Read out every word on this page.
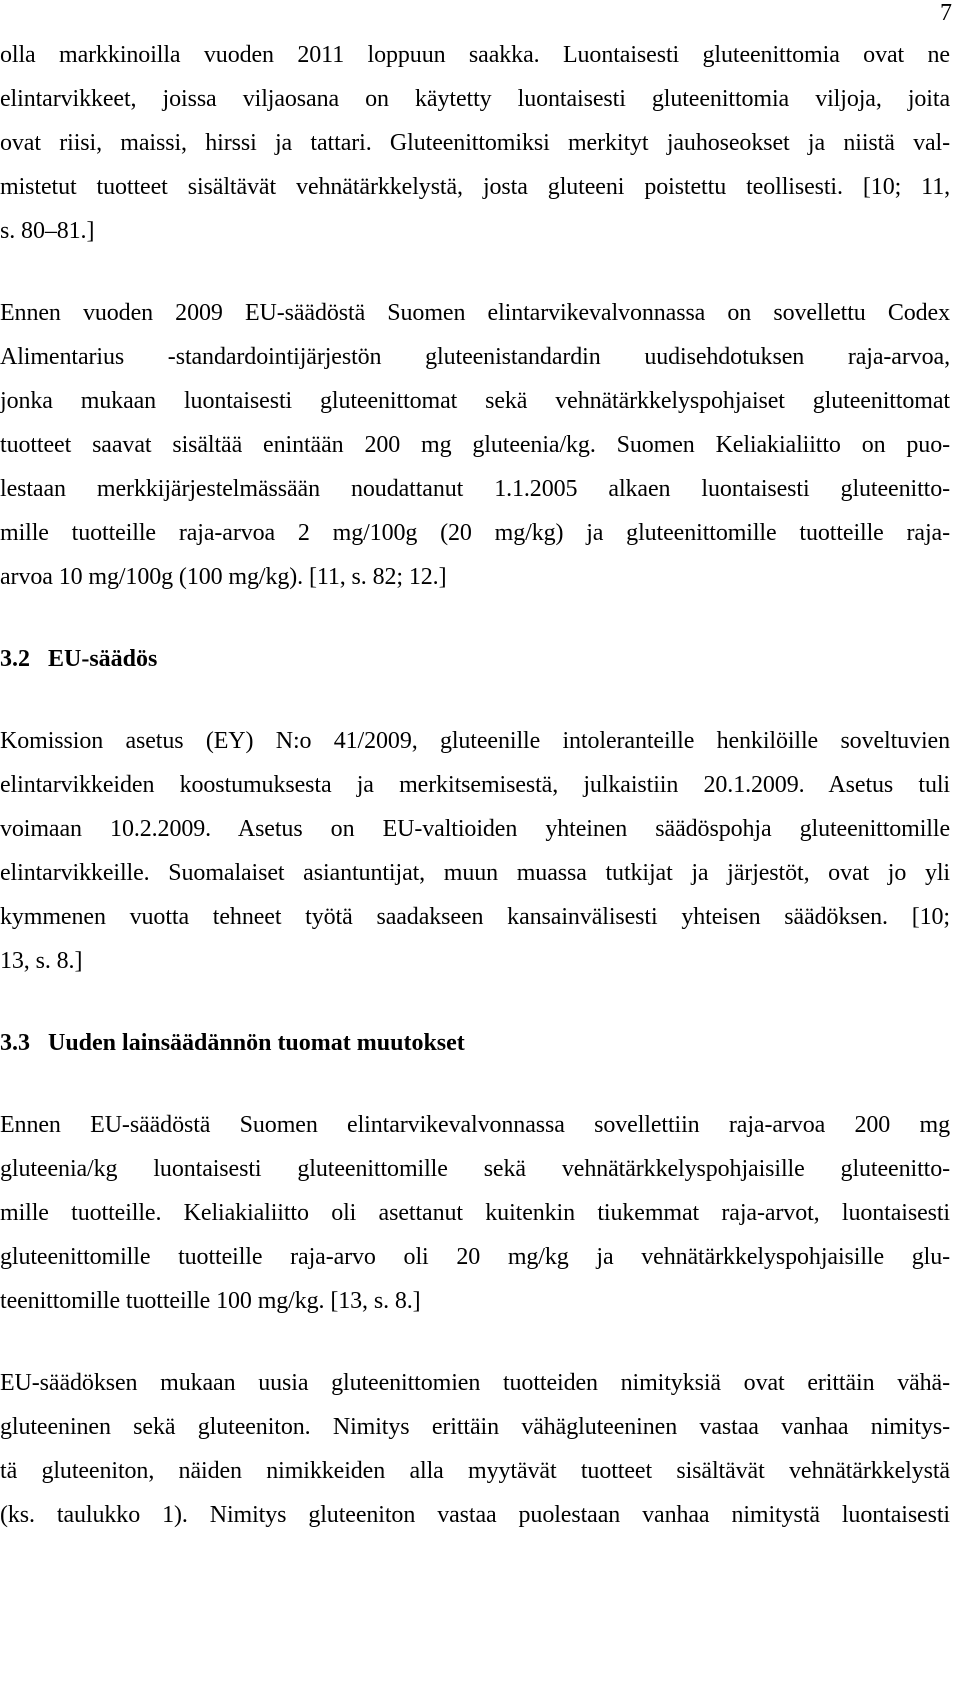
7
olla markkinoilla vuoden 2011 loppuun saakka. Luontaisesti gluteenittomia ovat ne
elintarvikkeet, joissa viljaosana on käytetty luontaisesti gluteenittomia viljoja, joita
ovat riisi, maissi, hirssi ja tattari. Gluteenittomiksi merkityt jauhoseokset ja niistä val-
mistetut tuotteet sisältävät vehnätärkkelystä, josta gluteeni poistettu teollisesti. [10; 11,
s. 80–81.]
Ennen vuoden 2009 EU-säädöstä Suomen elintarvikevalvonnassa on sovellettu Codex
Alimentarius -standardointijärjestön gluteenistandardin uudisehdotuksen raja-arvoa,
jonka mukaan luontaisesti gluteenittomat sekä vehnätärkkelyspohjaiset gluteenittomat
tuotteet saavat sisältää enintään 200 mg gluteenia/kg. Suomen Keliakialiitto on puo-
lestaan merkkijärjestelmässään noudattanut 1.1.2005 alkaen luontaisesti gluteenitto-
mille tuotteille raja-arvoa 2 mg/100g (20 mg/kg) ja gluteenittomille tuotteille raja-
arvoa 10 mg/100g (100 mg/kg). [11, s. 82; 12.]
3.2 EU-säädös
Komission asetus (EY) N:o 41/2009, gluteenille intoleranteille henkilöille soveltuvien
elintarvikkeiden koostumuksesta ja merkitsemisestä, julkaistiin 20.1.2009. Asetus tuli
voimaan 10.2.2009. Asetus on EU-valtioiden yhteinen säädöspohja gluteenittomille
elintarvikkeille. Suomalaiset asiantuntijat, muun muassa tutkijat ja järjestöt, ovat jo yli
kymmenen vuotta tehneet työtä saadakseen kansainvälisesti yhteisen säädöksen. [10;
13, s. 8.]
3.3 Uuden lainsäädännön tuomat muutokset
Ennen EU-säädöstä Suomen elintarvikevalvonnassa sovellettiin raja-arvoa 200 mg
gluteenia/kg luontaisesti gluteenittomille sekä vehnätärkkelyspohjaisille gluteenitto-
mille tuotteille. Keliakialiitto oli asettanut kuitenkin tiukemmat raja-arvot, luontaisesti
gluteenittomille tuotteille raja-arvo oli 20 mg/kg ja vehnätärkkelyspohjaisille glu-
teenittomille tuotteille 100 mg/kg. [13, s. 8.]
EU-säädöksen mukaan uusia gluteenittomien tuotteiden nimityksiä ovat erittäin vähä-
gluteeninen sekä gluteeniton. Nimitys erittäin vähägluteeninen vastaa vanhaa nimitys-
tä gluteeniton, näiden nimikkeiden alla myytävät tuotteet sisältävät vehnätärkkelystä
(ks. taulukko 1). Nimitys gluteeniton vastaa puolestaan vanhaa nimitystä luontaisesti
